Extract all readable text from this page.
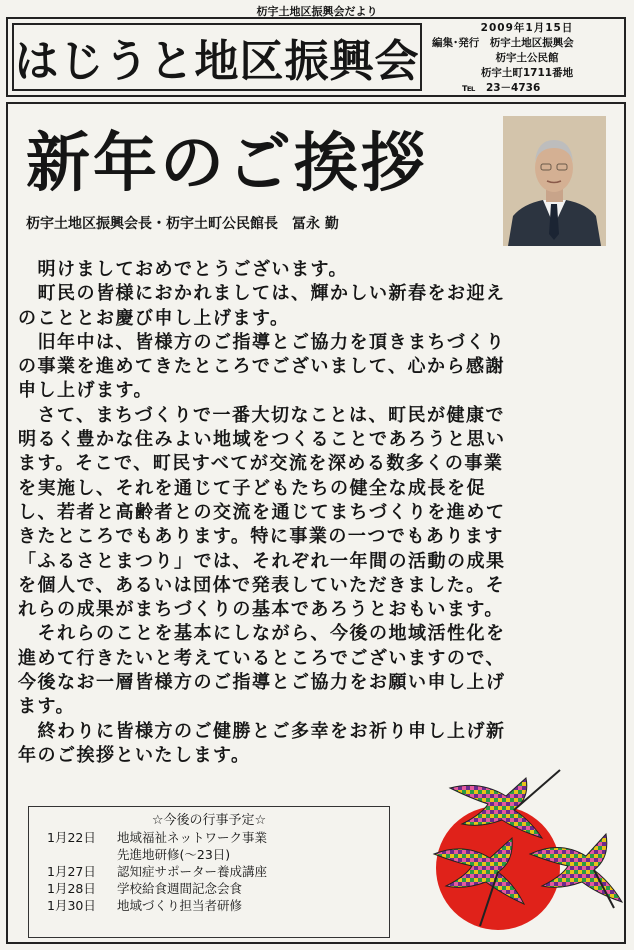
杤宇土地区振興会だより
はじうと地区振興会
2009年1月15日
編集･発行　杤宇土地区振興会
杤宇土公民館
杤宇土町1711番地
℡　23－4736
新年のご挨拶
杤宇土地区振興会長・杤宇土町公民館長　冨永 勤

　明けましておめでとうございます。

　町民の皆様におかれましては、輝かしい新春をお迎え

のこととお慶び申し上げます。

　旧年中は、皆様方のご指導とご協力を頂きまちづくり

の事業を進めてきたところでございまして、心から感謝

申し上げます。

　さて、まちづくりで一番大切なことは、町民が健康で

明るく豊かな住みよい地域をつくることであろうと思い

ます。そこで、町民すべてが交流を深める数多くの事業

を実施し、それを通じて子どもたちの健全な成長を促

し、若者と高齢者との交流を通じてまちづくりを進めて

きたところでもあります。特に事業の一つでもあります

「ふるさとまつり」では、それぞれ一年間の活動の成果

を個人で、あるいは団体で発表していただきました。そ

れらの成果がまちづくりの基本であろうとおもいます。

　それらのことを基本にしながら、今後の地域活性化を

進めて行きたいと考えているところでございますので、

今後なお一層皆様方のご指導とご協力をお願い申し上げ

ます。

　終わりに皆様方のご健勝とご多幸をお祈り申し上げ新

年のご挨拶といたします。

☆今後の行事予定☆
1月22日	地域福祉ネットワーク事業
先進地研修(～23日)
1月27日	認知症サポーター養成講座
1月28日	学校給食週間記念会食
1月30日	地域づくり担当者研修
